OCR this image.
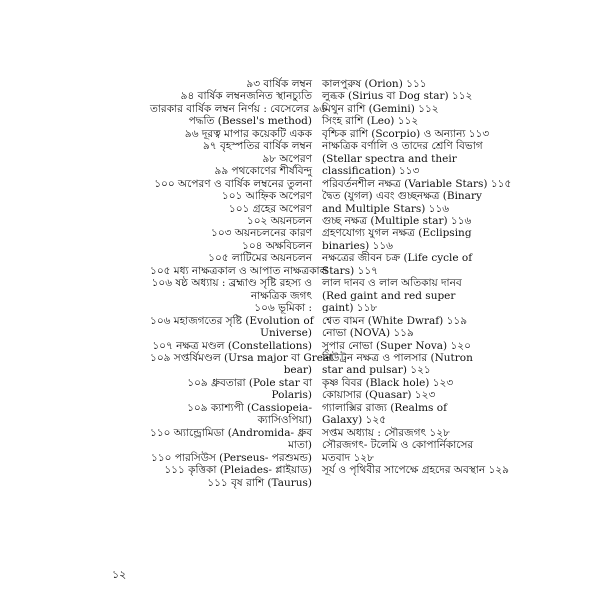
৯৩ বার্ষিক লম্বন
৯৪ বার্ষিক লম্বনজনিত স্থানচ্যুতি
তারকার বার্ষিক লম্বন নির্ণয় : বেসেলের ৯৬
পদ্ধতি (Bessel's method)
৯৬ দূরত্ব মাপার কয়েকটি একক
৯৭ বৃহস্পতির বার্ষিক লম্বন
৯৮ অপেরণ
৯৯ পথকোণের শীর্ষবিন্দু
১০০ অপেরণ ও বার্ষিক লম্বনের তুলনা
১০১ আহ্নিক অপেরণ
১০১ গ্রহের অপেরণ
১০২ অয়নচলন
১০৩ অয়নচলনের কারণ
১০৪ অক্ষবিচলন
১০৫ লাটিমের অয়নচলন
১০৫ মধ্য নাক্ষত্রকাল ও আপাত নাক্ষত্রকাল
১০৬ ষষ্ঠ অধ্যায় : ব্রহ্মাণ্ড সৃষ্টি রহস্য ও
নাক্ষত্রিক জগৎ
১০৬ ভূমিকা :
১০৬ মহাজগতের সৃষ্টি (Evolution of
Universe)
১০৭ নক্ষত্র মণ্ডল (Constellations)
১০৯ সপ্তর্ষিমণ্ডল (Ursa major বা Great
bear)
১০৯ ধ্রুবতারা (Pole star বা
Polaris)
১০৯ ক্যাশ্যপী (Cassiopeia-
ক্যাসিওপিয়া)
১১০ অ্যান্ড্রোমিডা (Andromida- ধ্রুব
মাতা)
১১০ পারসিউস (Perseus- পরশুমন্ড)
১১১ কৃত্তিকা (Pleiades- প্লাইয়াড)
১১১ বৃষ রাশি (Taurus)
কালপুরুষ (Orion) ১১১
লুব্ধক (Sirius বা Dog star) ১১২
মিথুন রাশি (Gemini) ১১২
সিংহ রাশি (Leo) ১১২
বৃশ্চিক রাশি (Scorpio) ও অন্যান্য ১১৩
নাক্ষত্রিক বর্ণালি ও তাদের শ্রেণি বিভাগ
(Stellar spectra and their
classification) ১১৩
পরিবর্তনশীল নক্ষত্র (Variable Stars) ১১৫
দ্বৈত (যুগল) এবং গুচ্ছনক্ষত্র (Binary
and Multiple Stars) ১১৬
গুচ্ছ নক্ষত্র (Multiple star) ১১৬
গ্রহণযোগ্য যুগল নক্ষত্র (Eclipsing
binaries) ১১৬
নক্ষত্রের জীবন চক্র (Life cycle of
Stars) ১১৭
লাল দানব ও লাল অতিকায় দানব
(Red gaint and red super
gaint) ১১৮
শ্বেত বামন (White Dwraf) ১১৯
নোভা (NOVA) ১১৯
সুপার নোভা (Super Nova) ১২০
নিউট্রন নক্ষত্র ও পালসার (Nutron
star and pulsar) ১২১
কৃষ্ণ বিবর (Black hole) ১২৩
কোয়াসার (Quasar) ১২৩
গ্যালাক্সির রাজ্য (Realms of
Galaxy) ১২৫
সপ্তম অধ্যায় : সৌরজগৎ ১২৮
সৌরজগৎ- টলেমি ও কোপার্নিকাসের
মতবাদ ১২৮
সূর্য ও পৃথিবীর সাপেক্ষে গ্রহদের অবস্থান ১২৯
১২
